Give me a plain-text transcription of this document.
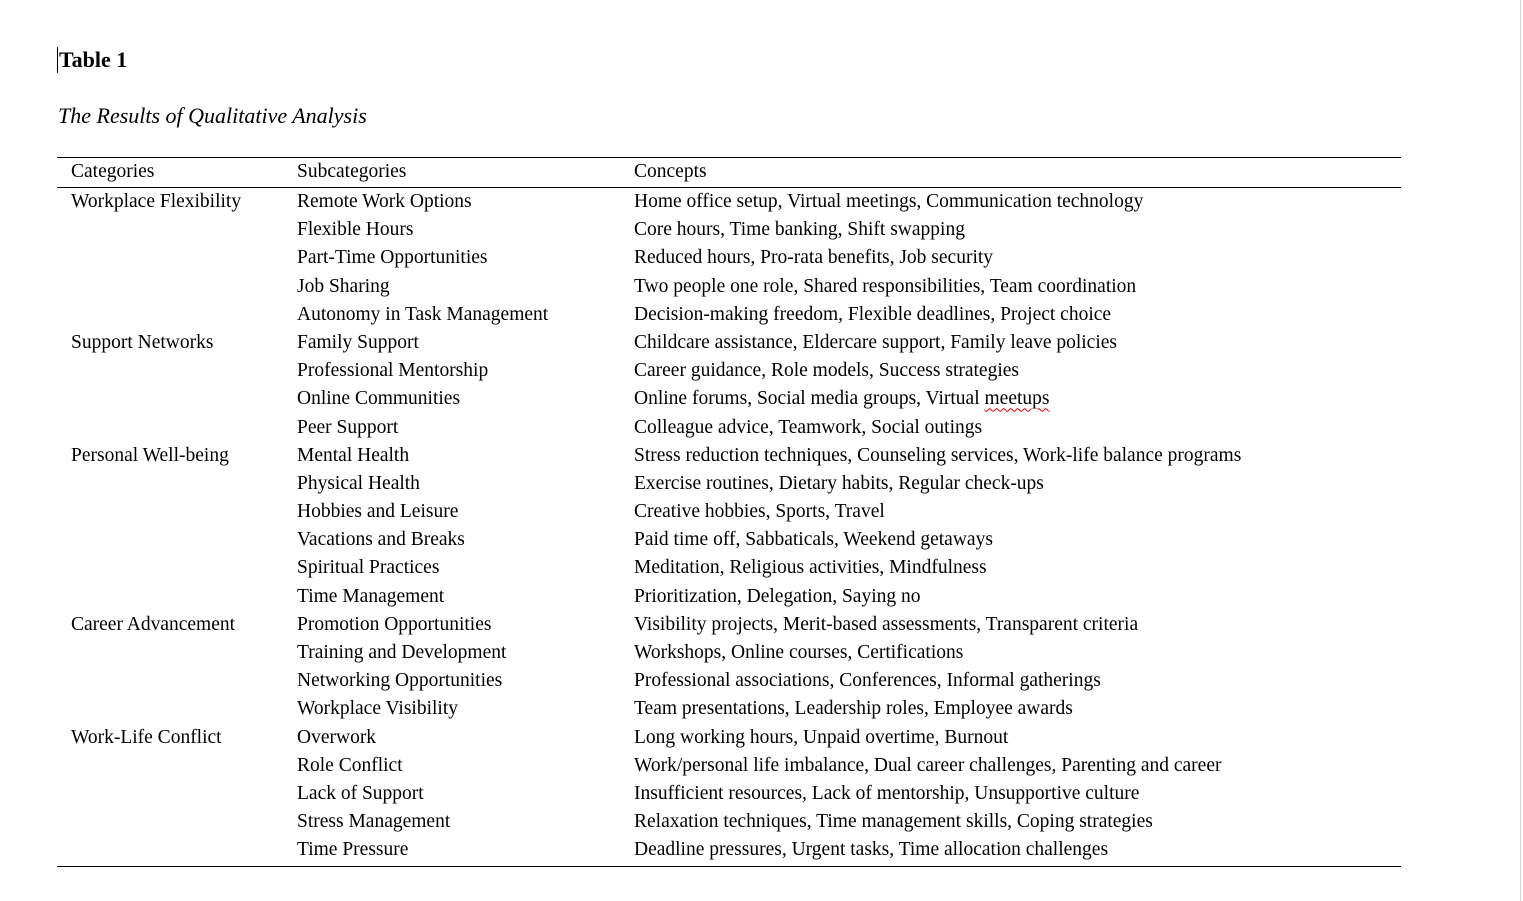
Table 1
The Results of Qualitative Analysis
Categories	Subcategories	Concepts
Workplace Flexibility	Remote Work Options	Home office setup, Virtual meetings, Communication technology
	Flexible Hours	Core hours, Time banking, Shift swapping
	Part-Time Opportunities	Reduced hours, Pro-rata benefits, Job security
	Job Sharing	Two people one role, Shared responsibilities, Team coordination
	Autonomy in Task Management	Decision-making freedom, Flexible deadlines, Project choice
Support Networks	Family Support	Childcare assistance, Eldercare support, Family leave policies
	Professional Mentorship	Career guidance, Role models, Success strategies
	Online Communities	Online forums, Social media groups, Virtual meetups
	Peer Support	Colleague advice, Teamwork, Social outings
Personal Well-being	Mental Health	Stress reduction techniques, Counseling services, Work-life balance programs
	Physical Health	Exercise routines, Dietary habits, Regular check-ups
	Hobbies and Leisure	Creative hobbies, Sports, Travel
	Vacations and Breaks	Paid time off, Sabbaticals, Weekend getaways
	Spiritual Practices	Meditation, Religious activities, Mindfulness
	Time Management	Prioritization, Delegation, Saying no
Career Advancement	Promotion Opportunities	Visibility projects, Merit-based assessments, Transparent criteria
	Training and Development	Workshops, Online courses, Certifications
	Networking Opportunities	Professional associations, Conferences, Informal gatherings
	Workplace Visibility	Team presentations, Leadership roles, Employee awards
Work-Life Conflict	Overwork	Long working hours, Unpaid overtime, Burnout
	Role Conflict	Work/personal life imbalance, Dual career challenges, Parenting and career
	Lack of Support	Insufficient resources, Lack of mentorship, Unsupportive culture
	Stress Management	Relaxation techniques, Time management skills, Coping strategies
	Time Pressure	Deadline pressures, Urgent tasks, Time allocation challenges
